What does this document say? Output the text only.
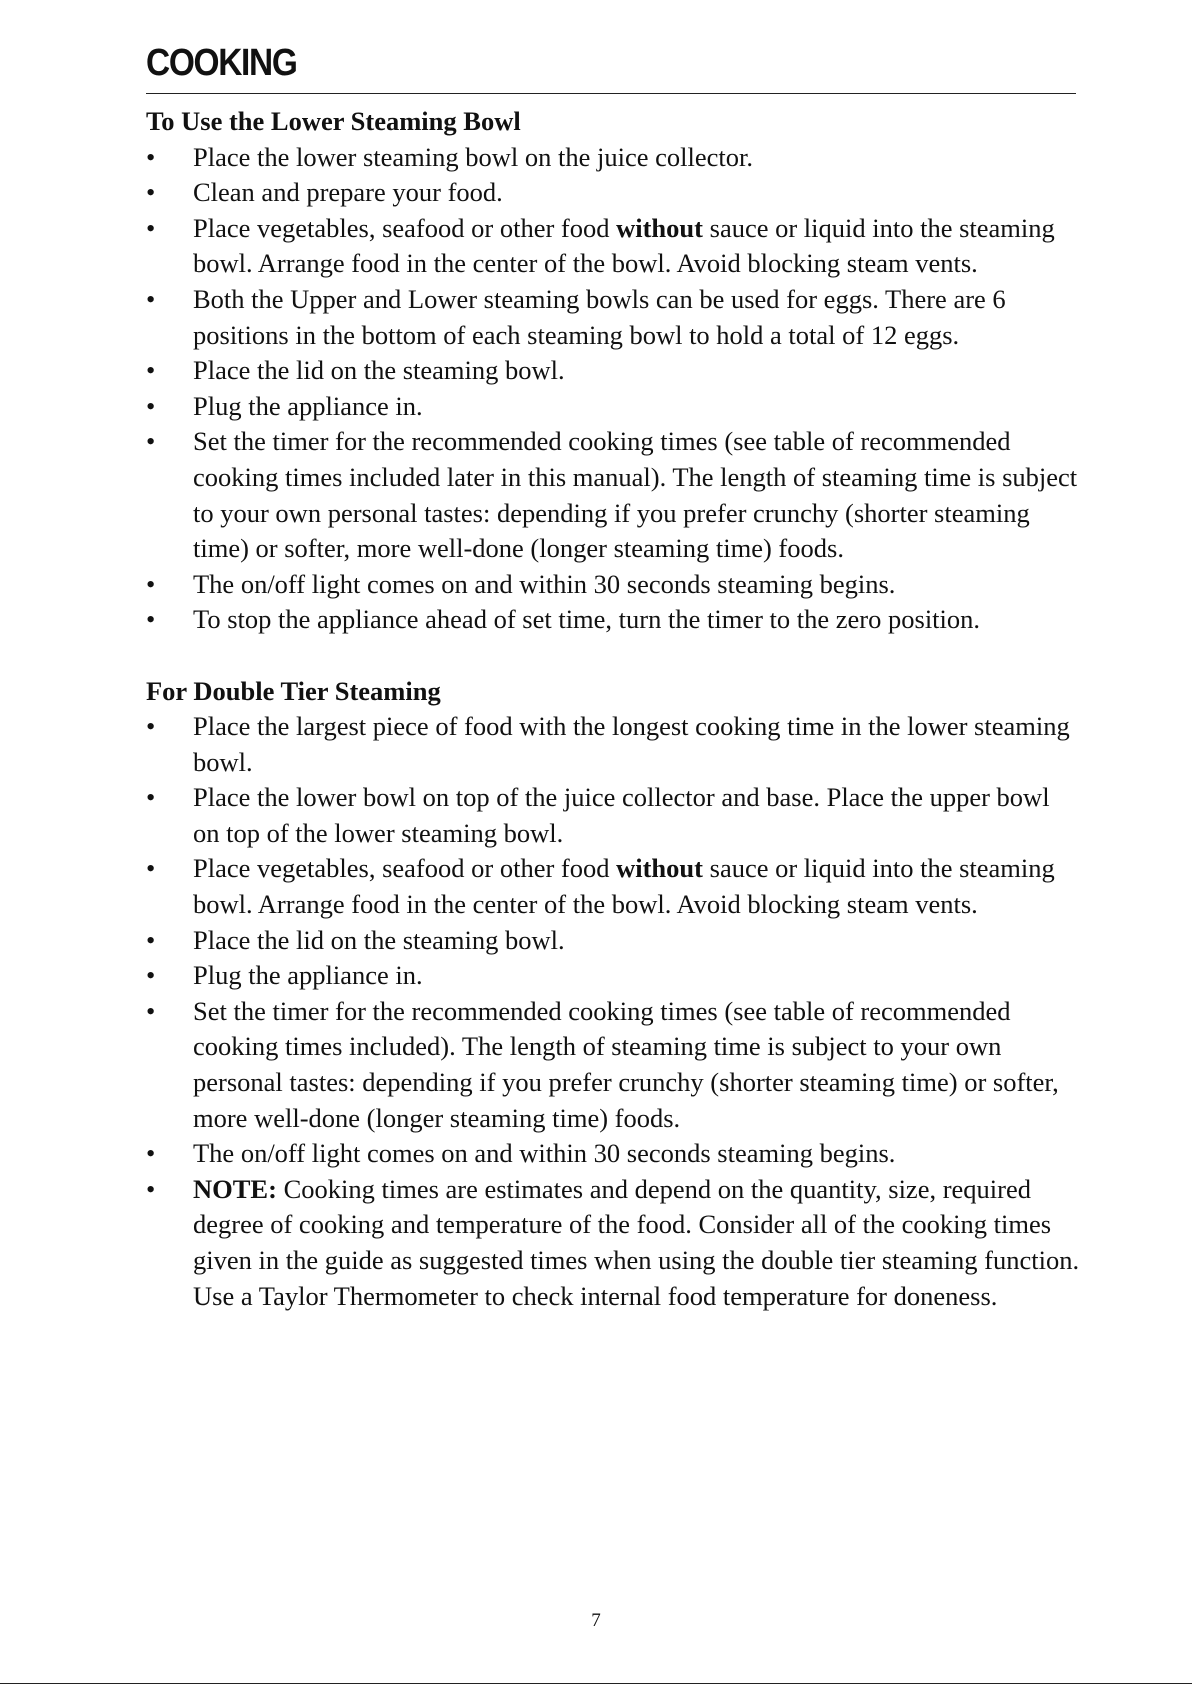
COOKING
To Use the Lower Steaming Bowl
•	Place the lower steaming bowl on the juice collector.
•	Clean and prepare your food.
•	Place vegetables, seafood or other food without sauce or liquid into the steaming bowl. Arrange food in the center of the bowl. Avoid blocking steam vents.
•	Both the Upper and Lower steaming bowls can be used for eggs. There are 6 positions in the bottom of each steaming bowl to hold a total of 12 eggs.
•	Place the lid on the steaming bowl.
•	Plug the appliance in.
•	Set the timer for the recommended cooking times (see table of recommended cooking times included later in this manual). The length of steaming time is subject to your own personal tastes: depending if you prefer crunchy (shorter steaming time) or softer, more well-done (longer steaming time) foods.
•	The on/off light comes on and within 30 seconds steaming begins.
•	To stop the appliance ahead of set time, turn the timer to the zero position.
For Double Tier Steaming
•	Place the largest piece of food with the longest cooking time in the lower steaming bowl.
•	Place the lower bowl on top of the juice collector and base. Place the upper bowl on top of the lower steaming bowl.
•	Place vegetables, seafood or other food without sauce or liquid into the steaming bowl. Arrange food in the center of the bowl. Avoid blocking steam vents.
•	Place the lid on the steaming bowl.
•	Plug the appliance in.
•	Set the timer for the recommended cooking times (see table of recommended cooking times included). The length of steaming time is subject to your own personal tastes: depending if you prefer crunchy (shorter steaming time) or softer, more well-done (longer steaming time) foods.
•	The on/off light comes on and within 30 seconds steaming begins.
•	NOTE: Cooking times are estimates and depend on the quantity, size, required degree of cooking and temperature of the food. Consider all of the cooking times given in the guide as suggested times when using the double tier steaming function. Use a Taylor Thermometer to check internal food temperature for doneness.
7
